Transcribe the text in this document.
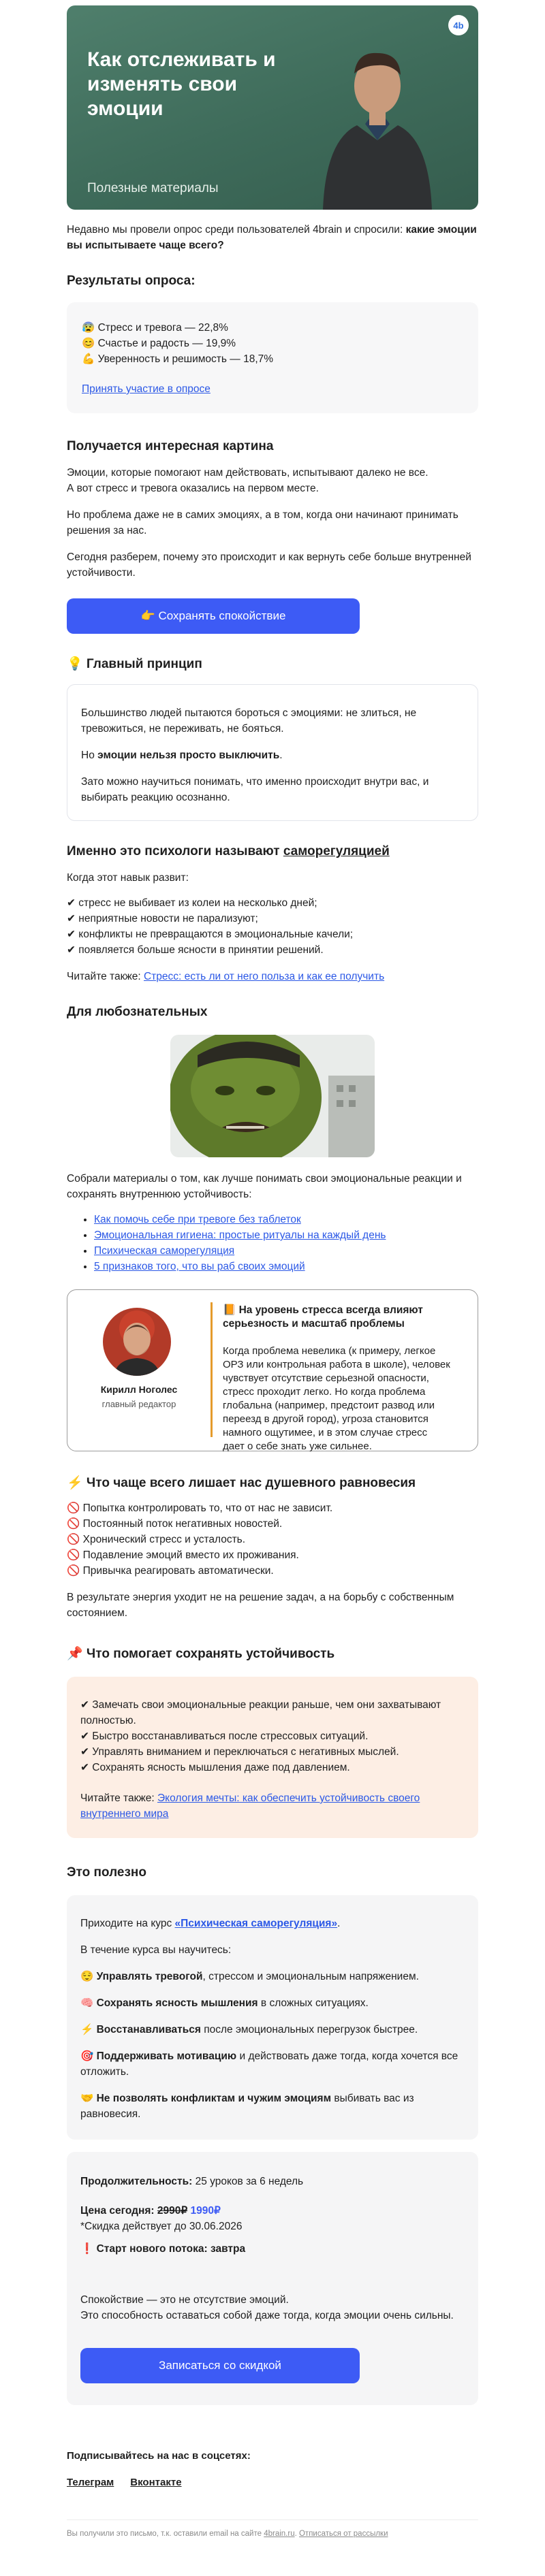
Как отслеживать и изменять свои эмоции
Полезные материалы
4b

Недавно мы провели опрос среди пользователей 4brain и спросили: какие эмоции вы испытываете чаще всего?

Результаты опроса:
😰 Стресс и тревога — 22,8%
😊 Счастье и радость — 19,9%
💪 Уверенность и решимость — 18,7%
Принять участие в опросе
Получается интересная картина

Эмоции, которые помогают нам действовать, испытывают далеко не все.
А вот стресс и тревога оказались на первом месте.

Но проблема даже не в самих эмоциях, а в том, когда они начинают принимать решения за нас.

Сегодня разберем, почему это происходит и как вернуть себе больше внутренней устойчивости.

👉 Сохранять спокойствие
💡 Главный принцип

Большинство людей пытаются бороться с эмоциями: не злиться, не тревожиться, не переживать, не бояться.

Но эмоции нельзя просто выключить.

Зато можно научиться понимать, что именно происходит внутри вас, и выбирать реакцию осознанно.

Именно это психологи называют саморегуляцией

Когда этот навык развит:

✔ стресс не выбивает из колеи на несколько дней;
✔ неприятные новости не парализуют;
✔ конфликты не превращаются в эмоциональные качели;
✔ появляется больше ясности в принятии решений.

Читайте также: Стресс: есть ли от него польза и как ее получить

Для любознательных

Собрали материалы о том, как лучше понимать свои эмоциональные реакции и сохранять внутреннюю устойчивость:

• Как помочь себе при тревоге без таблеток
• Эмоциональная гигиена: простые ритуалы на каждый день
• Психическая саморегуляция
• 5 признаков того, что вы раб своих эмоций
Кирилл Ноголес
главный редактор
📙 На уровень стресса всегда влияют серьезность и масштаб проблемы
Когда проблема невелика (к примеру, легкое ОРЗ или контрольная работа в школе), человек чувствует отсутствие серьезной опасности, стресс проходит легко. Но когда проблема глобальна (например, предстоит развод или переезд в другой город), угроза становится намного ощутимее, и в этом случае стресс дает о себе знать уже сильнее.
⚡ Что чаще всего лишает нас душевного равновесия
🚫 Попытка контролировать то, что от нас не зависит.
🚫 Постоянный поток негативных новостей.
🚫 Хронический стресс и усталость.
🚫 Подавление эмоций вместо их проживания.
🚫 Привычка реагировать автоматически.

В результате энергия уходит не на решение задач, а на борьбу с собственным состоянием.

📌 Что помогает сохранять устойчивость
✔ Замечать свои эмоциональные реакции раньше, чем они захватывают полностью.
✔ Быстро восстанавливаться после стрессовых ситуаций.
✔ Управлять вниманием и переключаться с негативных мыслей.
✔ Сохранять ясность мышления даже под давлением.

Читайте также: Экология мечты: как обеспечить устойчивость своего внутреннего мира

Это полезно

Приходите на курс «Психическая саморегуляция».

В течение курса вы научитесь:

😌 Управлять тревогой, стрессом и эмоциональным напряжением.

🧠 Сохранять ясность мышления в сложных ситуациях.

⚡ Восстанавливаться после эмоциональных перегрузок быстрее.

🎯 Поддерживать мотивацию и действовать даже тогда, когда хочется все отложить.

🤝 Не позволять конфликтам и чужим эмоциям выбивать вас из равновесия.

Продолжительность: 25 уроков за 6 недель

Цена сегодня: 2990₽ 1990₽

*Скидка действует до 30.06.2026

❗ Старт нового потока: завтра

Спокойствие — это не отсутствие эмоций.
Это способность оставаться собой даже тогда, когда эмоции очень сильны.

Записаться со скидкой
Подписывайтесь на нас в соцсетях:
Телеграм Вконтакте
Вы получили это письмо, т.к. оставили email на сайте 4brain.ru. Отписаться от рассылки
